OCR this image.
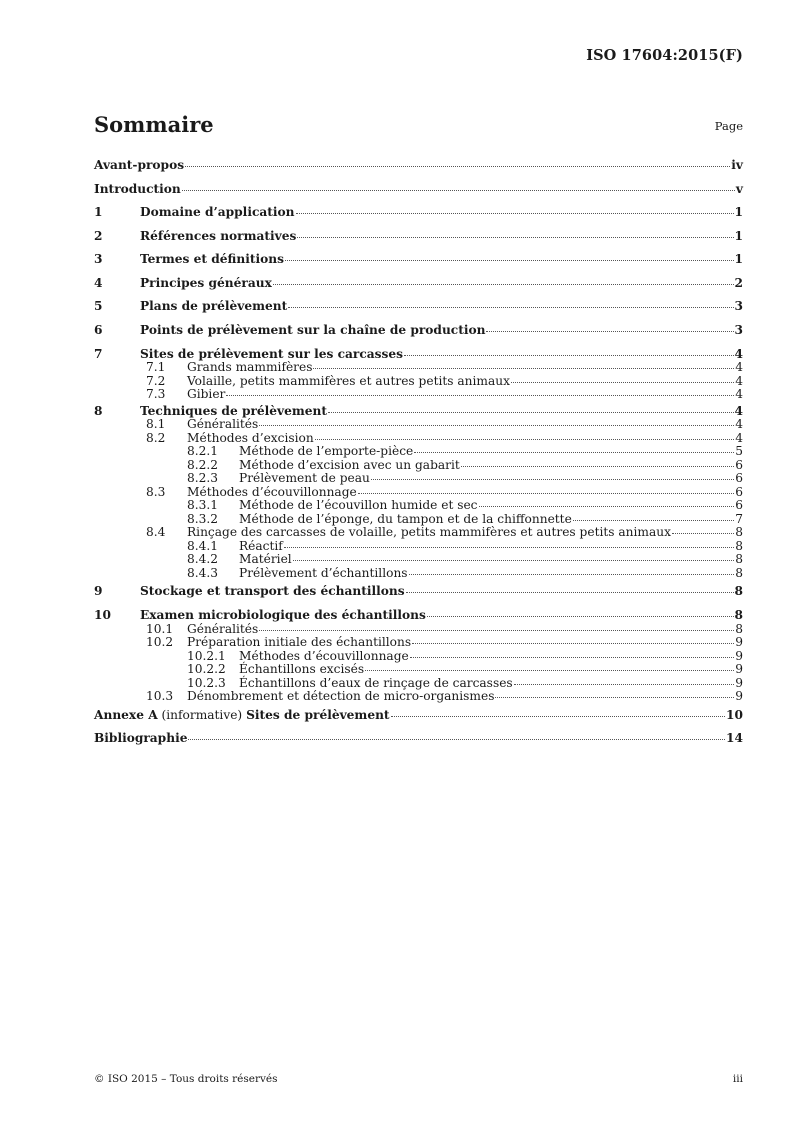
ISO 17604:2015(F)
Sommaire	Page
Avant-propos	iv
Introduction	v
1	Domaine d’application	1
2	Références normatives	1
3	Termes et définitions	1
4	Principes généraux	2
5	Plans de prélèvement	3
6	Points de prélèvement sur la chaîne de production	3
7	Sites de prélèvement sur les carcasses	4
7.1	Grands mammifères	4
7.2	Volaille, petits mammifères et autres petits animaux	4
7.3	Gibier	4
8	Techniques de prélèvement	4
8.1	Généralités	4
8.2	Méthodes d’excision	4
8.2.1	Méthode de l’emporte-pièce	5
8.2.2	Méthode d’excision avec un gabarit	6
8.2.3	Prélèvement de peau	6
8.3	Méthodes d’écouvillonnage	6
8.3.1	Méthode de l’écouvillon humide et sec	6
8.3.2	Méthode de l’éponge, du tampon et de la chiffonnette	7
8.4	Rinçage des carcasses de volaille, petits mammifères et autres petits animaux	8
8.4.1	Réactif	8
8.4.2	Matériel	8
8.4.3	Prélèvement d’échantillons	8
9	Stockage et transport des échantillons	8
10	Examen microbiologique des échantillons	8
10.1	Généralités	8
10.2	Préparation initiale des échantillons	9
10.2.1	Méthodes d’écouvillonnage	9
10.2.2	Échantillons excisés	9
10.2.3	Échantillons d’eaux de rinçage de carcasses	9
10.3	Dénombrement et détection de micro-organismes	9
Annexe A (informative) Sites de prélèvement	10
Bibliographie	14
© ISO 2015 – Tous droits réservés	iii
